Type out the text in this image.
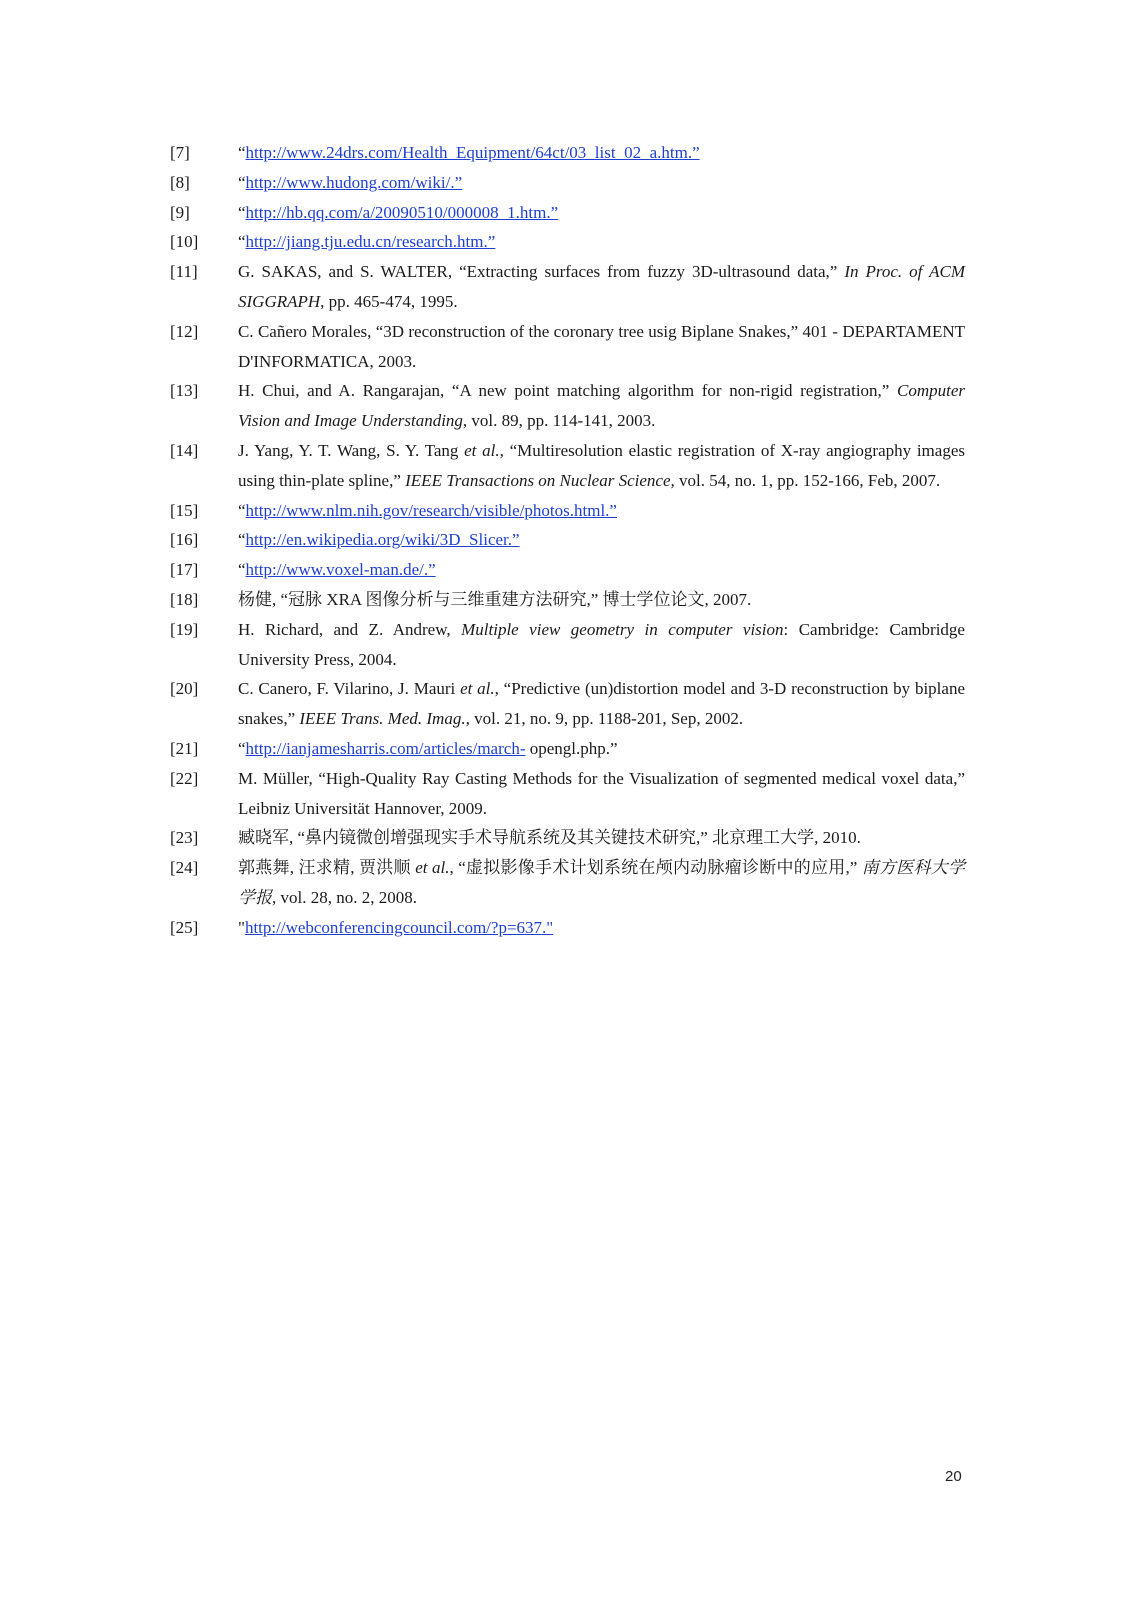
[7]	“http://www.24drs.com/Health_Equipment/64ct/03_list_02_a.htm.”
[8]	“http://www.hudong.com/wiki/.”
[9]	“http://hb.qq.com/a/20090510/000008_1.htm.”
[10]	“http://jiang.tju.edu.cn/research.htm.”
[11]	G. SAKAS, and S. WALTER, “Extracting surfaces from fuzzy 3D-ultrasound data,” In Proc. of ACM SIGGRAPH, pp. 465-474, 1995.
[12]	C. Cañero Morales, “3D reconstruction of the coronary tree usig Biplane Snakes,” 401 - DEPARTAMENT D'INFORMATICA, 2003.
[13]	H. Chui, and A. Rangarajan, “A new point matching algorithm for non-rigid registration,” Computer Vision and Image Understanding, vol. 89, pp. 114-141, 2003.
[14]	J. Yang, Y. T. Wang, S. Y. Tang et al., “Multiresolution elastic registration of X-ray angiography images using thin-plate spline,” IEEE Transactions on Nuclear Science, vol. 54, no. 1, pp. 152-166, Feb, 2007.
[15]	“http://www.nlm.nih.gov/research/visible/photos.html.”
[16]	“http://en.wikipedia.org/wiki/3D_Slicer.”
[17]	“http://www.voxel-man.de/.”
[18]	杨健, “冠脉 XRA 图像分析与三维重建方法研究,” 博士学位论文, 2007.
[19]	H. Richard, and Z. Andrew, Multiple view geometry in computer vision: Cambridge: Cambridge University Press, 2004.
[20]	C. Canero, F. Vilarino, J. Mauri et al., “Predictive (un)distortion model and 3-D reconstruction by biplane snakes,” IEEE Trans. Med. Imag., vol. 21, no. 9, pp. 1188-201, Sep, 2002.
[21]	“http://ianjamesharris.com/articles/march- opengl.php.”
[22]	M. Müller, “High-Quality Ray Casting Methods for the Visualization of segmented medical voxel data,” Leibniz Universität Hannover, 2009.
[23]	臧晓军, “鼻内镜微创增强现实手术导航系统及其关键技术研究,” 北京理工大学, 2010.
[24]	郭燕舞, 汪求精, 贾洪顺 et al., “虚拟影像手术计划系统在颅内动脉瘤诊断中的应用,” 南方医科大学学报, vol. 28, no. 2, 2008.
[25]	"http://webconferencingcouncil.com/?p=637."
20
